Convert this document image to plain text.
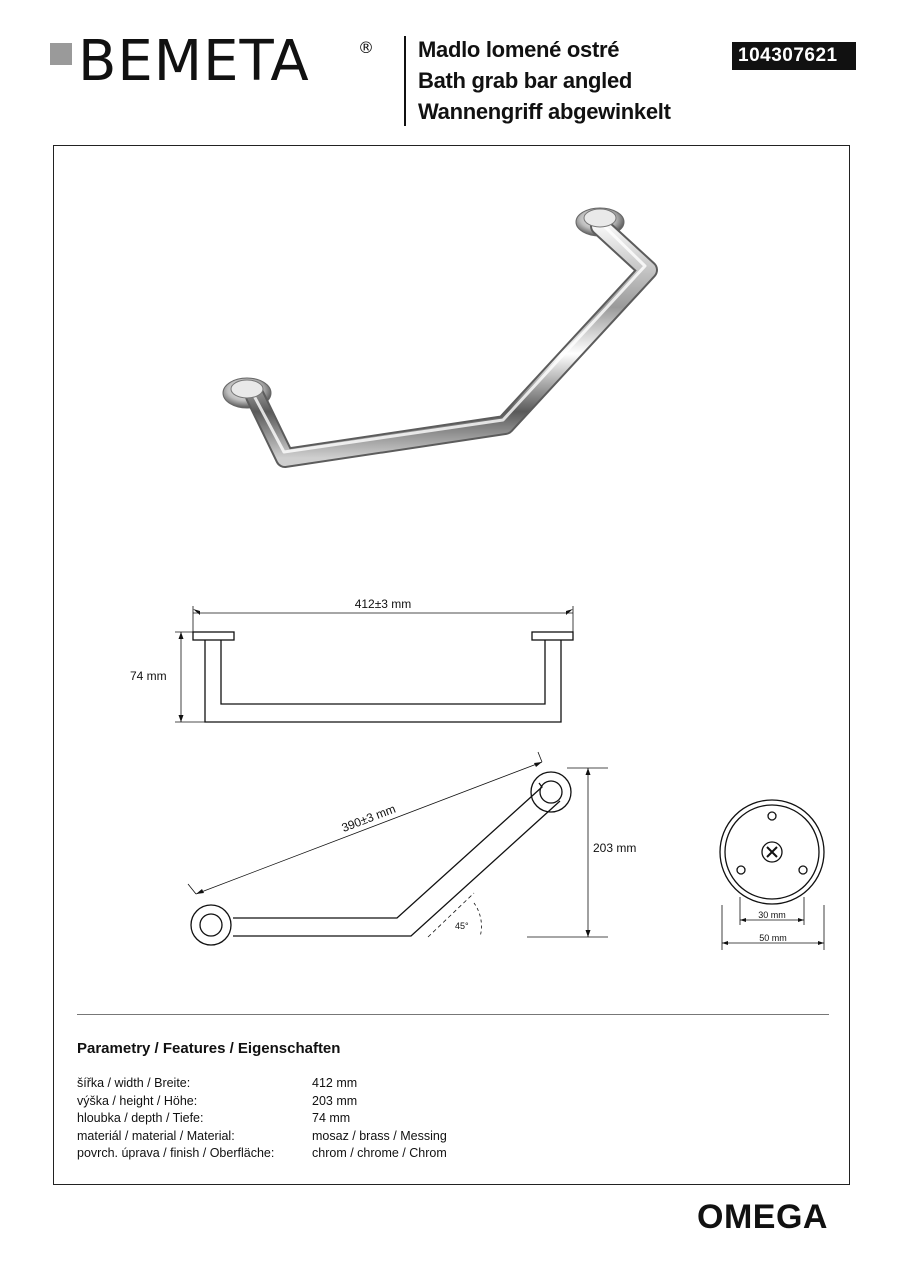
BEMETA	® Madlo lomené ostré
Bath grab bar angled
Wannengriff abgewinkelt
104307621
412±3 mm
74 mm
390±3 mm
203 mm
45°
30 mm
50 mm
Parametry / Features / Eigenschaften
šířka / width / Breite:	412 mm
výška / height / Höhe:	203 mm
hloubka / depth / Tiefe:	74 mm
materiál / material / Material:	mosaz / brass / Messing
povrch. úprava / finish / Oberfläche:	chrom / chrome / Chrom
OMEGA
